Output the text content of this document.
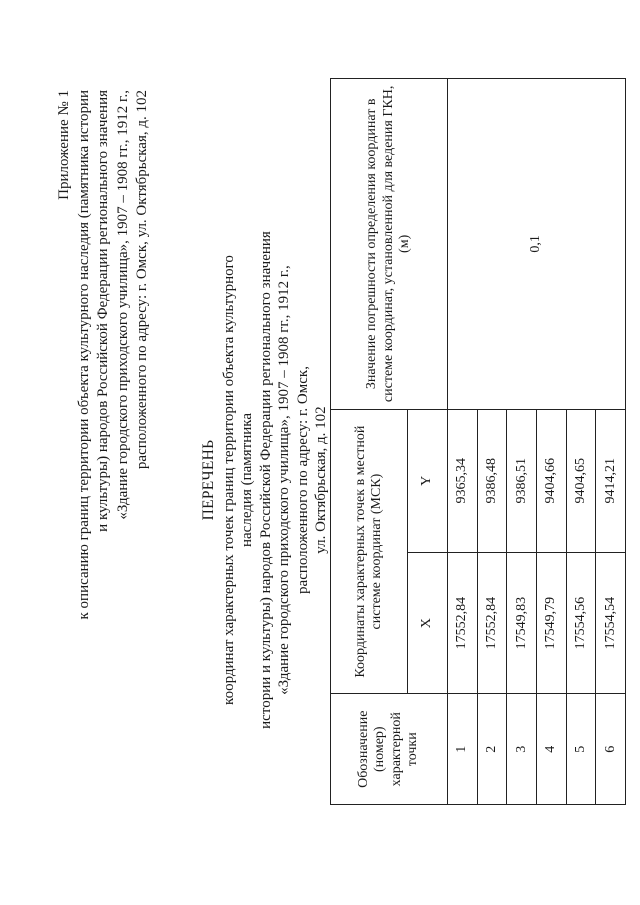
Приложение № 1 к описанию границ территории объекта культурного наследия (памятника истории и культуры) народов Российской Федерации регионального значения «Здание городского приходского училища», 1907 – 1908 гг., 1912 г., расположенного по адресу: г. Омск, ул. Октябрьская, д. 102
ПЕРЕЧЕНЬ координат характерных точек границ территории объекта культурного наследия (памятника истории и культуры) народов Российской Федерации регионального значения «Здание городского приходского училища», 1907 – 1908 гг., 1912 г., расположенного по адресу: г. Омск, ул. Октябрьская, д. 102
Обозначение (номер) характерной точки	Координаты характерных точек в местной системе координат (МСК)		Значение погрешности определения координат в системе координат, установленной для ведения ГКН, (м)
	X	Y	
1	17552,84	9365,34	0,1
2	17552,84	9386,48	
3	17549,83	9386,51	
4	17549,79	9404,66	
5	17554,56	9404,65	
6	17554,54	9414,21	
